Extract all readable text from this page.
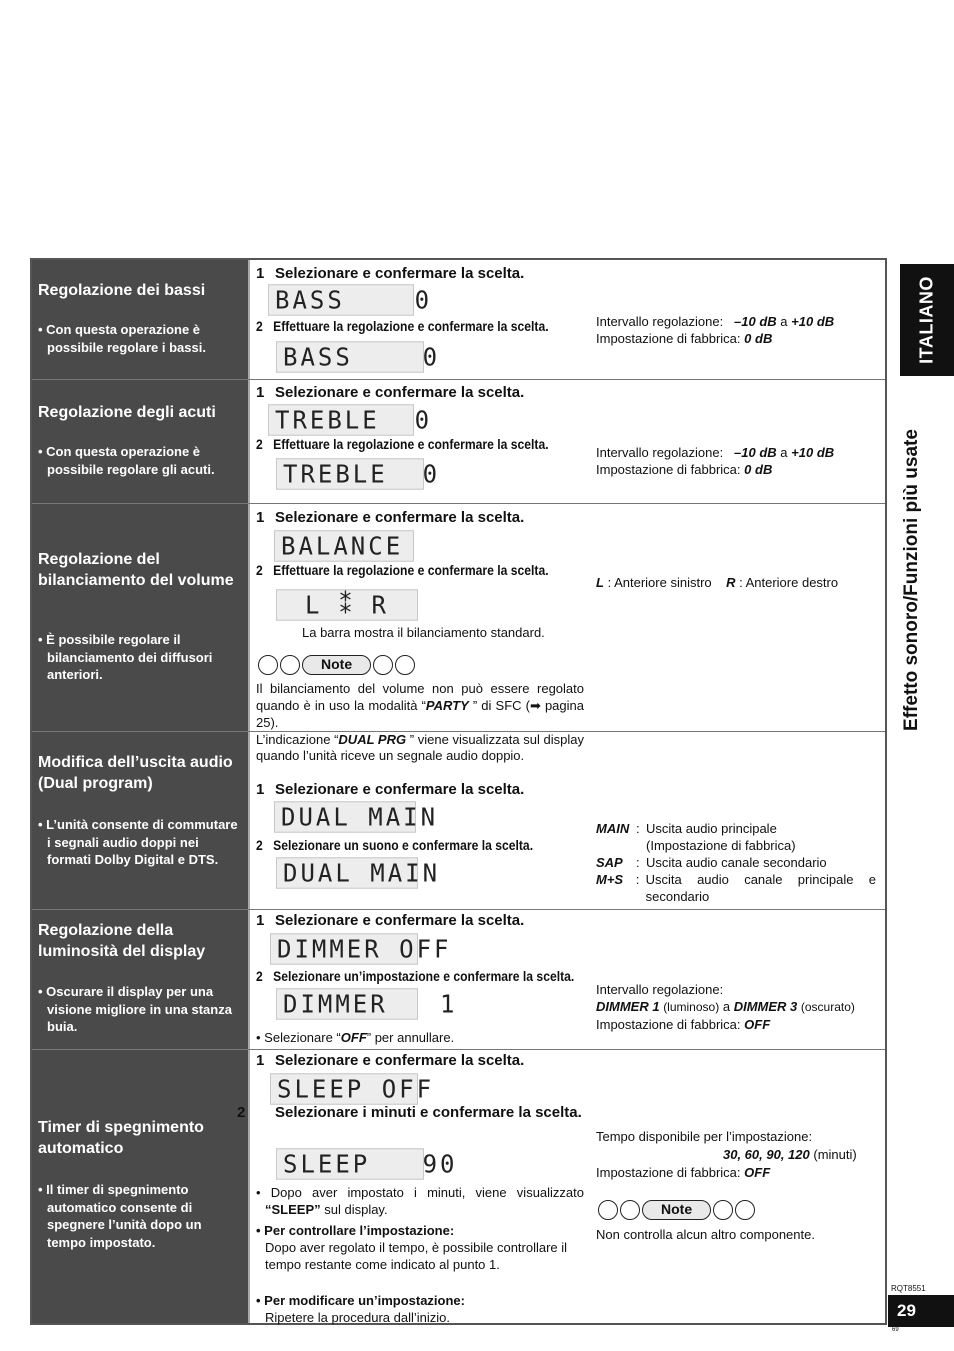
Regolazione dei bassi
• Con questa operazione è possibile regolare i bassi.
1 Selezionare e confermare la scelta.
BASS    0
2 Effettuare la regolazione e confermare la scelta.
BASS    0
Intervallo regolazione: –10 dB a +10 dB
Impostazione di fabbrica: 0 dB
Regolazione degli acuti
• Con questa operazione è possibile regolare gli acuti.
1 Selezionare e confermare la scelta.
TREBLE  0
2 Effettuare la regolazione e confermare la scelta.
TREBLE  0
Intervallo regolazione: –10 dB a +10 dB
Impostazione di fabbrica: 0 dB
Regolazione del bilanciamento del volume
• È possibile regolare il bilanciamento dei diffusori anteriori.
1 Selezionare e confermare la scelta.
BALANCE
2 Effettuare la regolazione e confermare la scelta.
L ⁑ R
La barra mostra il bilanciamento standard.
Note
Il bilanciamento del volume non può essere regolato quando è in uso la modalità “PARTY ” di SFC (➡ pagina 25).
L : Anteriore sinistro R : Anteriore destro
Modifica dell’uscita audio (Dual program)
• L’unità consente di commutare i segnali audio doppi nei formati Dolby Digital e DTS.
L’indicazione “DUAL PRG ” viene visualizzata sul display quando l’unità riceve un segnale audio doppio.
1 Selezionare e confermare la scelta.
DUAL MAIN
2 Selezionare un suono e confermare la scelta.
DUAL MAIN
MAIN : Uscita audio principale
(Impostazione di fabbrica)
SAP	: Uscita audio canale secondario
M+S : Uscita audio canale principale e secondario
Regolazione della luminosità del display
• Oscurare il display per una visione migliore in una stanza buia.
1 Selezionare e confermare la scelta.
DIMMER OFF
2 Selezionare un’impostazione e confermare la scelta.
DIMMER   1
• Selezionare “OFF” per annullare.
Intervallo regolazione:
DIMMER 1 (luminoso) a DIMMER 3 (oscurato)
Impostazione di fabbrica: OFF
Timer di spegnimento automatico
• Il timer di spegnimento automatico consente di spegnere l’unità dopo un tempo impostato.
1 Selezionare e confermare la scelta.
SLEEP OFF
2 Selezionare i minuti e confermare la scelta.
SLEEP   90
• Dopo aver impostato i minuti, viene visualizzato “SLEEP” sul display.
• Per controllare l’impostazione:
Dopo aver regolato il tempo, è possibile controllare il tempo restante come indicato al punto 1.
• Per modificare un’impostazione:
Ripetere la procedura dall’inizio.
Tempo disponibile per l’impostazione:
30, 60, 90, 120 (minuti)
Impostazione di fabbrica: OFF
Note
Non controlla alcun altro componente.
ITALIANO
Effetto sonoro/Funzioni più usate
RQT8551
29
69
